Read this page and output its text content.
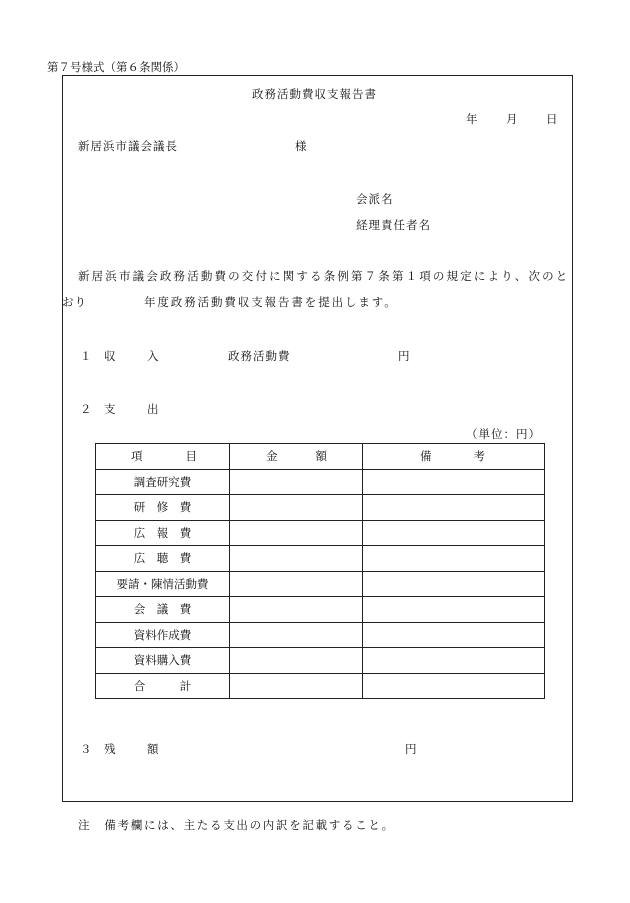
第７号様式（第６条関係）
政務活動費収支報告書
年 月 日
新居浜市議会議長	様
会派名
経理責任者名
新居浜市議会政務活動費の交付に関する条例第７条第１項の規定により、次のと
おり	年度政務活動費収支報告書を提出します。
１ 収	入	政務活動費	円
２ 支	出
（単位：円）
項 目	金 額	備 考

調査研究費		
研　修　費		
広　報　費		
広　聴　費		
要請・陳情活動費		
会　議　費		
資料作成費		
資料購入費		
合　　　計		
３ 残	額	円
注　備考欄には、主たる支出の内訳を記載すること。
